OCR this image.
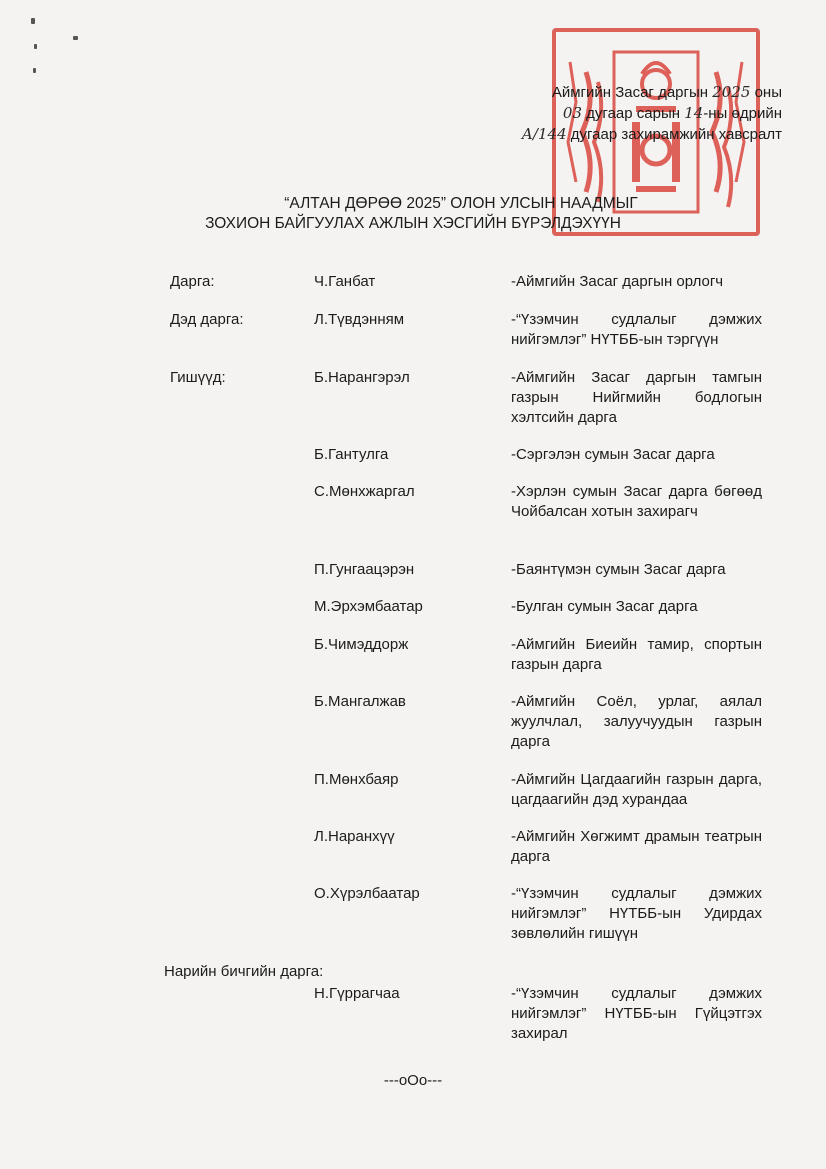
Аймгийн Засаг даргын 2025 оны
03 дугаар сарын 14-ны өдрийн
А/144 дугаар захирамжийн хавсралт
“АЛТАН ДӨРӨӨ 2025” ОЛОН УЛСЫН НААДМЫГ
ЗОХИОН БАЙГУУЛАХ АЖЛЫН ХЭСГИЙН БҮРЭЛДЭХҮҮН
Дарга:	Ч.Ганбат	-Аймгийн Засаг даргын орлогч
Дэд дарга:	Л.Түвдэнням	-“Үзэмчин судлалыг дэмжих нийгэмлэг” НҮТББ-ын тэргүүн
Гишүүд:	Б.Нарангэрэл	-Аймгийн Засаг даргын тамгын газрын Нийгмийн бодлогын хэлтсийн дарга
Б.Гантулга	-Сэргэлэн сумын Засаг дарга
С.Мөнхжаргал	-Хэрлэн сумын Засаг дарга бөгөөд Чойбалсан хотын захирагч
П.Гунгаацэрэн	-Баянтүмэн сумын Засаг дарга
М.Эрхэмбаатар	-Булган сумын Засаг дарга
Б.Чимэддорж	-Аймгийн Биеийн тамир, спортын газрын дарга
Б.Мангалжав	-Аймгийн Соёл, урлаг, аялал жуулчлал, залуучуудын газрын дарга
П.Мөнхбаяр	-Аймгийн Цагдаагийн газрын дарга, цагдаагийн дэд хурандаа
Л.Наранхүү	-Аймгийн Хөгжимт драмын театрын дарга
О.Хүрэлбаатар	-“Үзэмчин судлалыг дэмжих нийгэмлэг” НҮТББ-ын Удирдах зөвлөлийн гишүүн
Нарийн бичгийн дарга:
Н.Гүррагчаа	-“Үзэмчин судлалыг дэмжих нийгэмлэг” НҮТББ-ын Гүйцэтгэх захирал
---oOo---
